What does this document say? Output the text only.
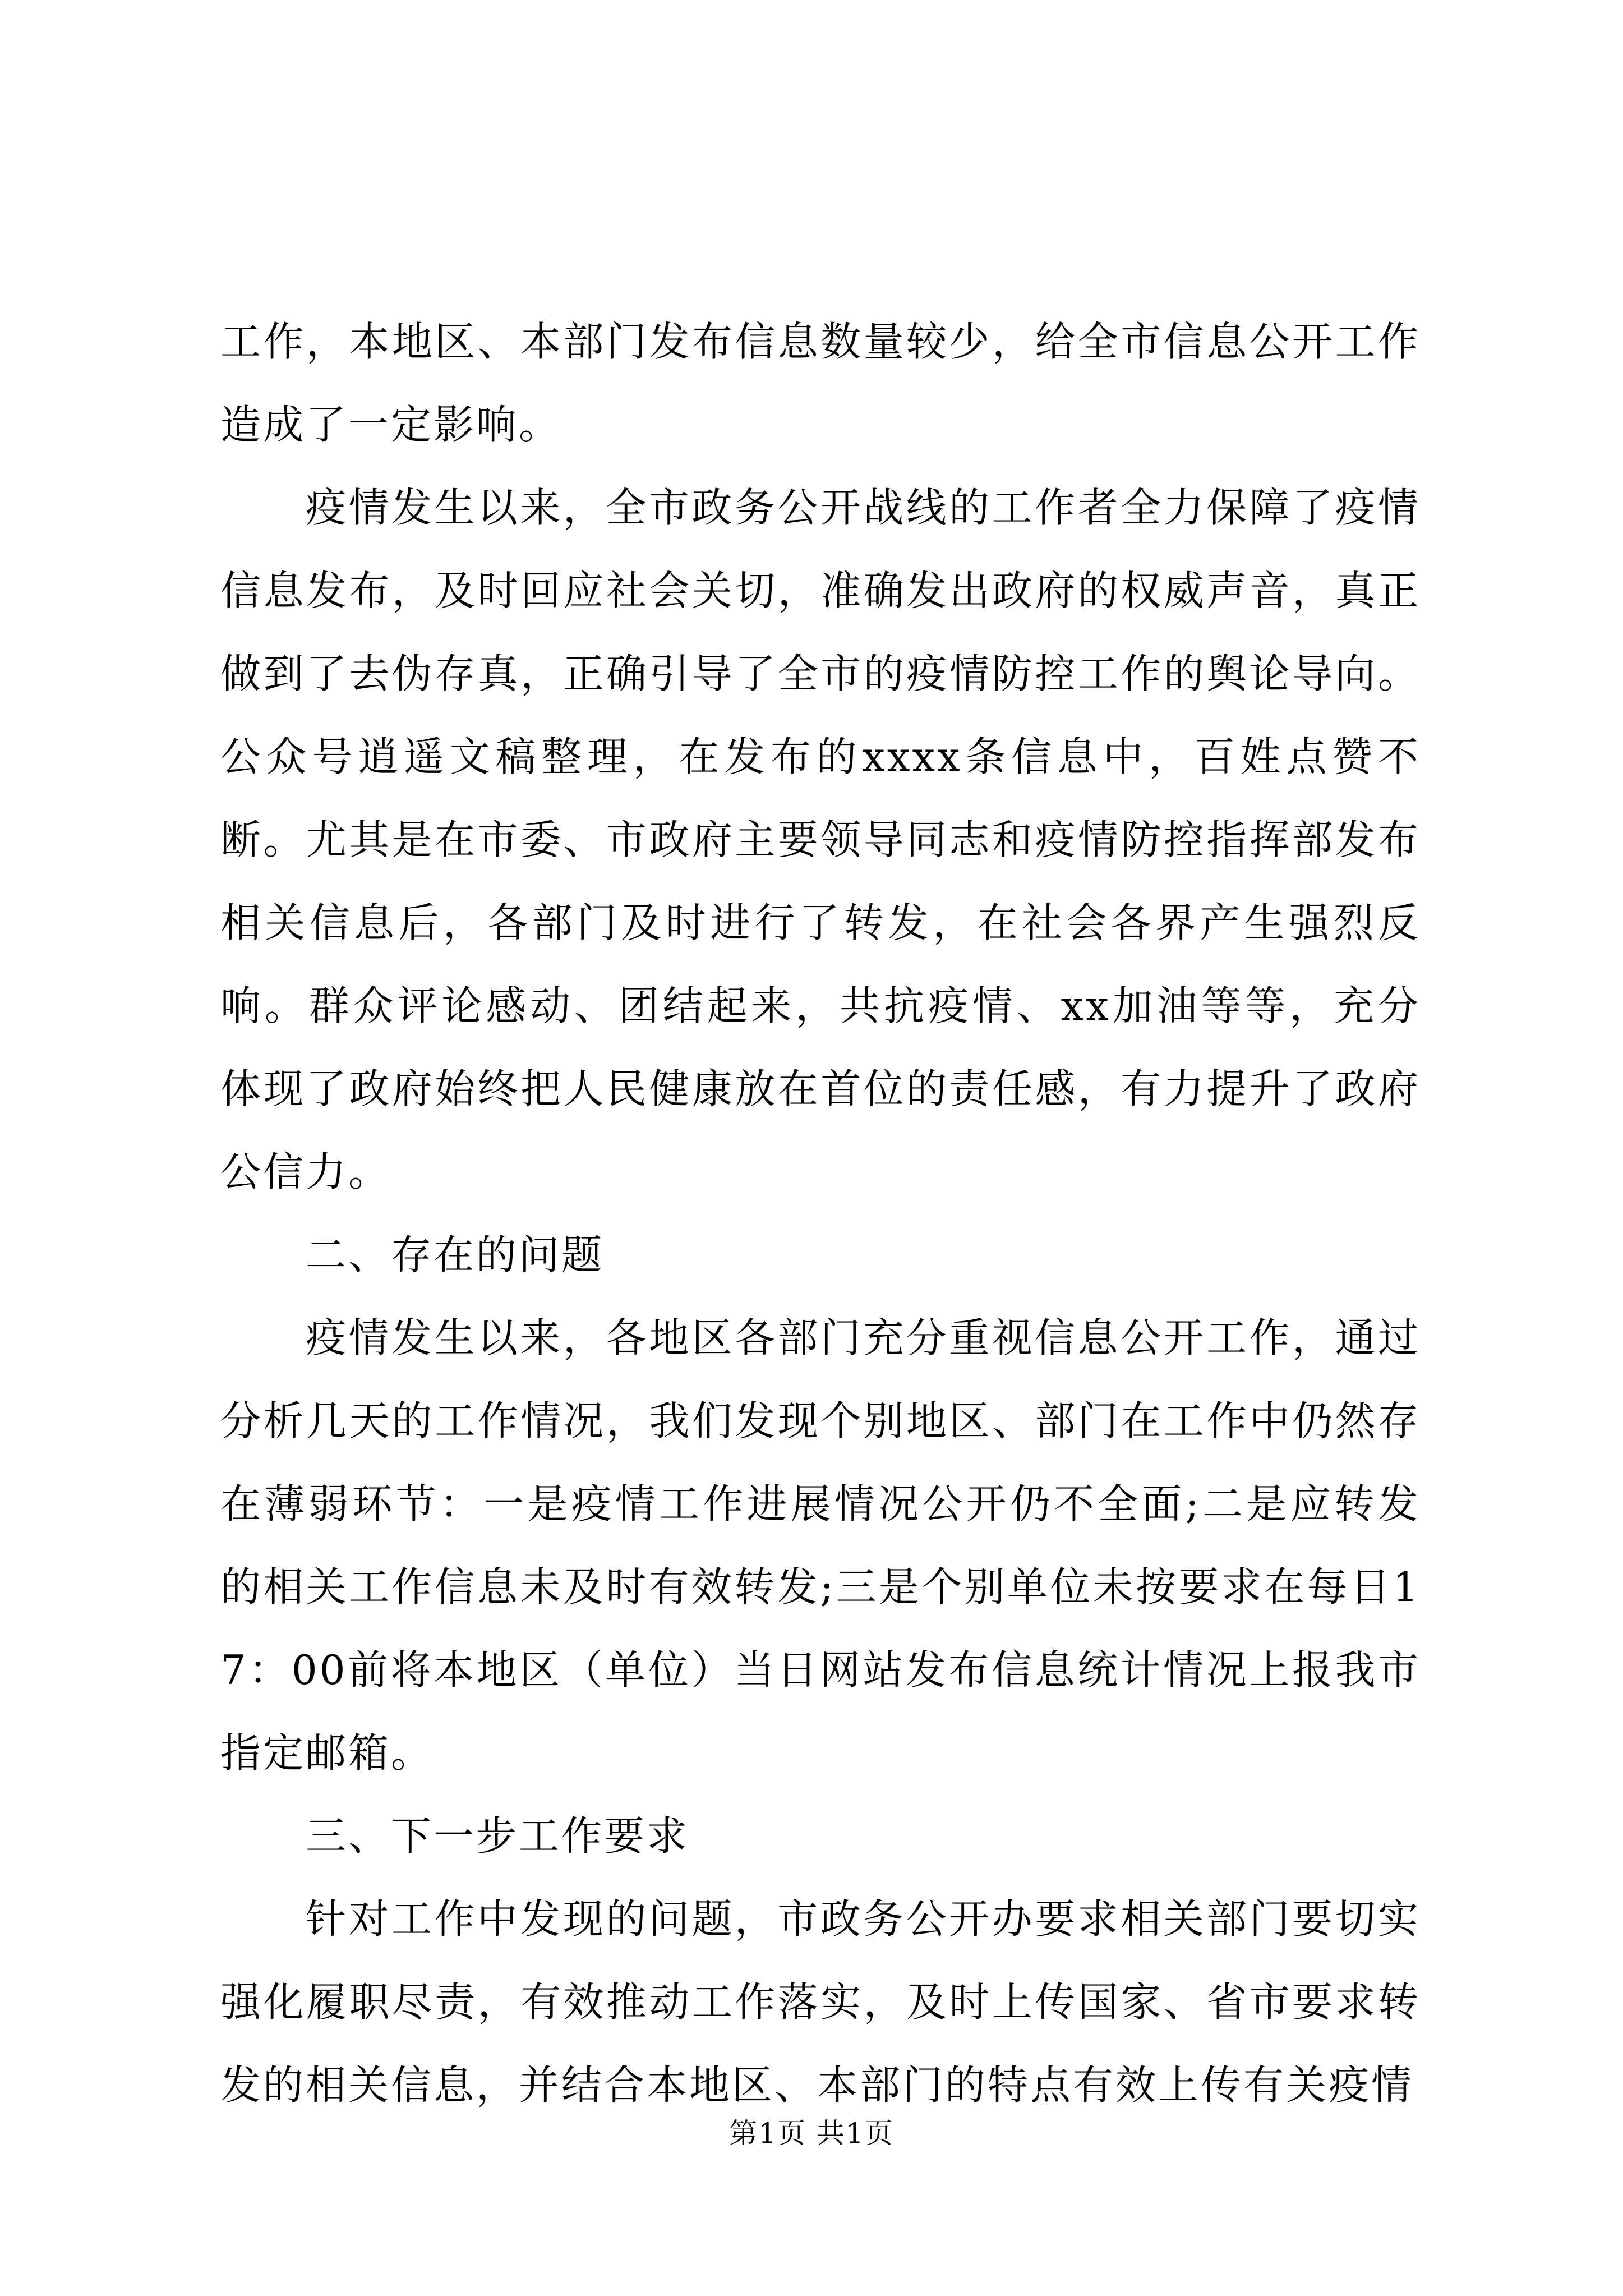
工作，本地区、本部门发布信息数量较少，给全市信息公开工作造成了一定影响。

疫情发生以来，全市政务公开战线的工作者全力保障了疫情信息发布，及时回应社会关切，准确发出政府的权威声音，真正做到了去伪存真，正确引导了全市的疫情防控工作的舆论导向。公众号逍遥文稿整理，在发布的xxxx条信息中，百姓点赞不断。尤其是在市委、市政府主要领导同志和疫情防控指挥部发布相关信息后，各部门及时进行了转发，在社会各界产生强烈反响。群众评论感动、团结起来，共抗疫情、xx加油等等，充分体现了政府始终把人民健康放在首位的责任感，有力提升了政府公信力。

二、存在的问题

疫情发生以来，各地区各部门充分重视信息公开工作，通过分析几天的工作情况，我们发现个别地区、部门在工作中仍然存在薄弱环节：一是疫情工作进展情况公开仍不全面;二是应转发的相关工作信息未及时有效转发;三是个别单位未按要求在每日17：00前将本地区（单位）当日网站发布信息统计情况上报我市指定邮箱。

三、下一步工作要求

针对工作中发现的问题，市政务公开办要求相关部门要切实强化履职尽责，有效推动工作落实，及时上传国家、省市要求转发的相关信息，并结合本地区、本部门的特点有效上传有关疫情

第1页 共1页
